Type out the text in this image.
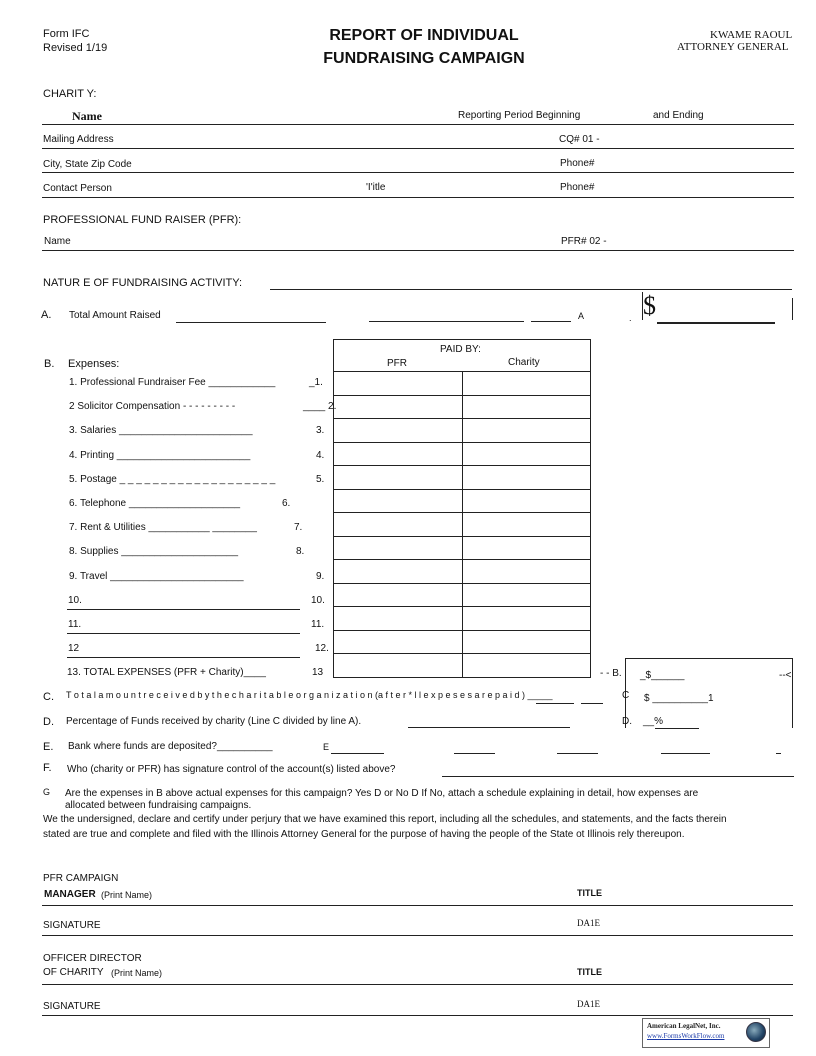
Form IFC
Revised 1/19
REPORT OF INDIVIDUAL
FUNDRAISING CAMPAIGN
KWAME RAOUL
ATTORNEY GENERAL
CHARIT Y:
Name	Reporting Period Beginning	and Ending
Mailing Address	CQ# 01 -
City, State Zip Code	Phone#
Contact Person	'I'itle	Phone#
PROFESSIONAL FUND RAISER (PFR):
Name	PFR# 02 -
NATUR E OF FUNDRAISING ACTIVITY:
A. Total Amount Raised	A	. $
B. Expenses:
PAID BY:
PFR	Charity

1. Professional Fundraiser Fee ____________	_1.
2 Solicitor Compensation - - - - - - - - -	____ 2.
3. Salaries ________________________	3.
4. Printing ________________________	4.
5. Postage _ _ _ _ _ _ _ _ _ _ _ _ _ _ _ _ _ _ _	5.
6. Telephone ____________________	6.
7. Rent & Utilities ___________ ________	7.
8. Supplies _____________________	8.
9. Travel ________________________	9.
10.	10.
11.	11.
12	12.
13. TOTAL EXPENSES (PFR + Charity)____	13	- - B. _$______	--<
C. T o t a l a m o u n t r e c e i v e d b y t h e c h a r i t a b l e o r g a n i z a t i o n (a f t e r * l l e x p e s e s a r e p a i d ) _____	C $ __________1
D. Percentage of Funds received by charity (Line C divided by line A).	D. __%
E. Bank where funds are deposited?__________	E
F. Who (charity or PFR) has signature control of the account(s) listed above?
G Are the expenses in B above actual expenses for this campaign? Yes D or No D If No, attach a schedule explaining in detail, how expenses are
allocated between fundraising campaigns.
We the undersigned, declare and certify under perjury that we have examined this report, including all the schedules, and statements, and the facts therein
stated are true and complete and filed with the Illinois Attorney General for the purpose of having the people of the State ot Illinois rely thereupon.
PFR CAMPAIGN
MANAGER (Print Name)	TITLE
SIGNATURE	DA1E
OFFICER DIRECTOR
OF CHARITY (Print Name)	TITLE
SIGNATURE	DA1E
American LegalNet, Inc.
www.FormsWorkFlow.com
